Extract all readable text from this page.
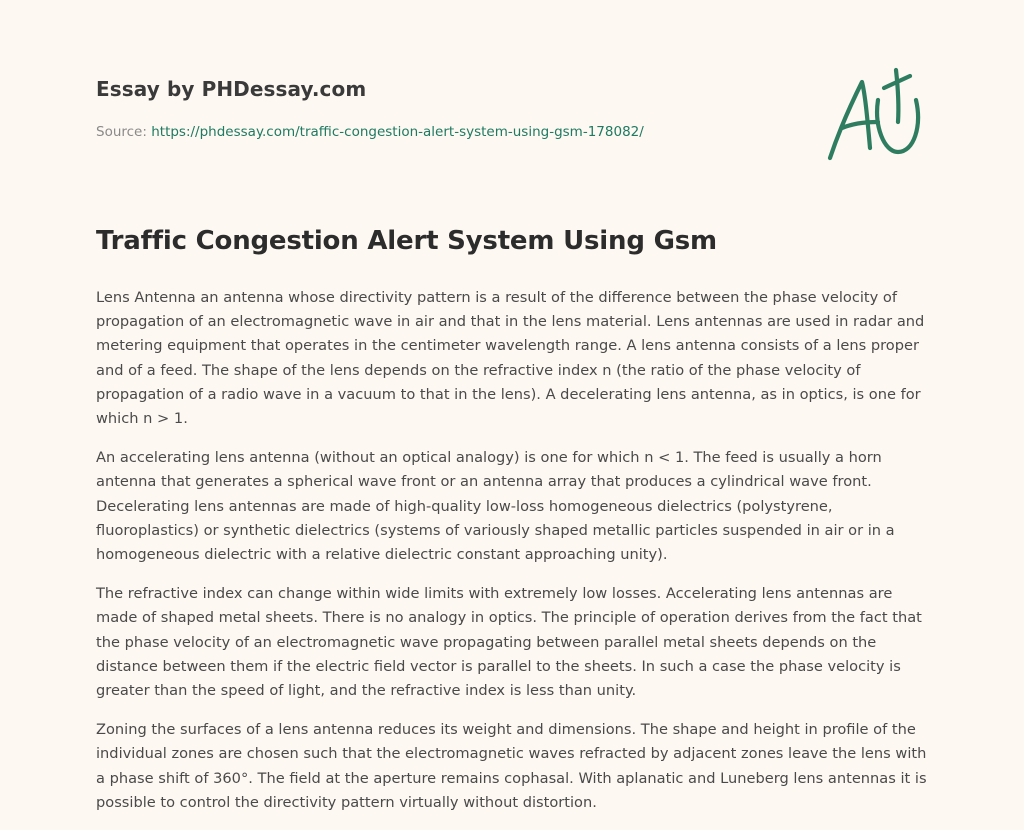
Essay by PHDessay.com

Source: https://phdessay.com/traffic-congestion-alert-system-using-gsm-178082/

Traffic Congestion Alert System Using Gsm

Lens Antenna an antenna whose directivity pattern is a result of the difference between the phase velocity of propagation of an electromagnetic wave in air and that in the lens material. Lens antennas are used in radar and metering equipment that operates in the centimeter wavelength range. A lens antenna consists of a lens proper and of a feed. The shape of the lens depends on the refractive index n (the ratio of the phase velocity of propagation of a radio wave in a vacuum to that in the lens). A decelerating lens antenna, as in optics, is one for which n > 1.

An accelerating lens antenna (without an optical analogy) is one for which n < 1. The feed is usually a horn antenna that generates a spherical wave front or an antenna array that produces a cylindrical wave front. Decelerating lens antennas are made of high-quality low-loss homogeneous dielectrics (polystyrene, fluoroplastics) or synthetic dielectrics (systems of variously shaped metallic particles suspended in air or in a homogeneous dielectric with a relative dielectric constant approaching unity).

The refractive index can change within wide limits with extremely low losses. Accelerating lens antennas are made of shaped metal sheets. There is no analogy in optics. The principle of operation derives from the fact that the phase velocity of an electromagnetic wave propagating between parallel metal sheets depends on the distance between them if the electric field vector is parallel to the sheets. In such a case the phase velocity is greater than the speed of light, and the refractive index is less than unity.

Zoning the surfaces of a lens antenna reduces its weight and dimensions. The shape and height in profile of the individual zones are chosen such that the electromagnetic waves refracted by adjacent zones leave the lens with a phase shift of 360°. The field at the aperture remains cophasal. With aplanatic and Luneberg lens antennas it is possible to control the directivity pattern virtually without distortion.
